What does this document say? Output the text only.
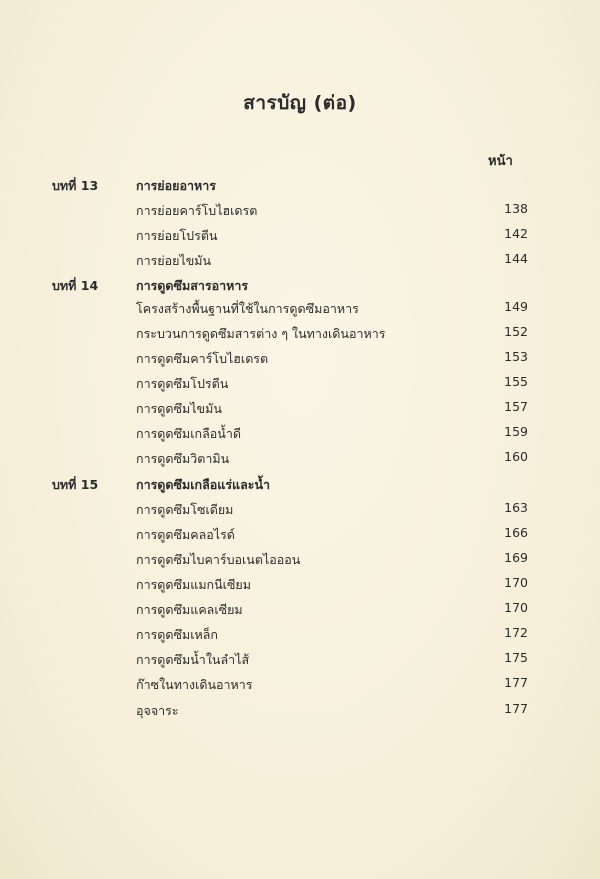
สารบัญ (ต่อ)
หน้า
บทที่ 13	การย่อยอาหาร
การย่อยคาร์โบไฮเดรต	138
การย่อยโปรตีน	142
การย่อยไขมัน	144
บทที่ 14	การดูดซึมสารอาหาร
โครงสร้างพื้นฐานที่ใช้ในการดูดซึมอาหาร	149
กระบวนการดูดซึมสารต่าง ๆ ในทางเดินอาหาร	152
การดูดซึมคาร์โบไฮเดรต	153
การดูดซึมโปรตีน	155
การดูดซึมไขมัน	157
การดูดซึมเกลือน้ำดี	159
การดูดซึมวิตามิน	160
บทที่ 15	การดูดซึมเกลือแร่และน้ำ
การดูดซึมโซเดียม	163
การดูดซึมคลอไรด์	166
การดูดซึมไบคาร์บอเนตไอออน	169
การดูดซึมแมกนีเซียม	170
การดูดซึมแคลเซียม	170
การดูดซึมเหล็ก	172
การดูดซึมน้ำในลำไส้	175
ก๊าซในทางเดินอาหาร	177
อุจจาระ	177
